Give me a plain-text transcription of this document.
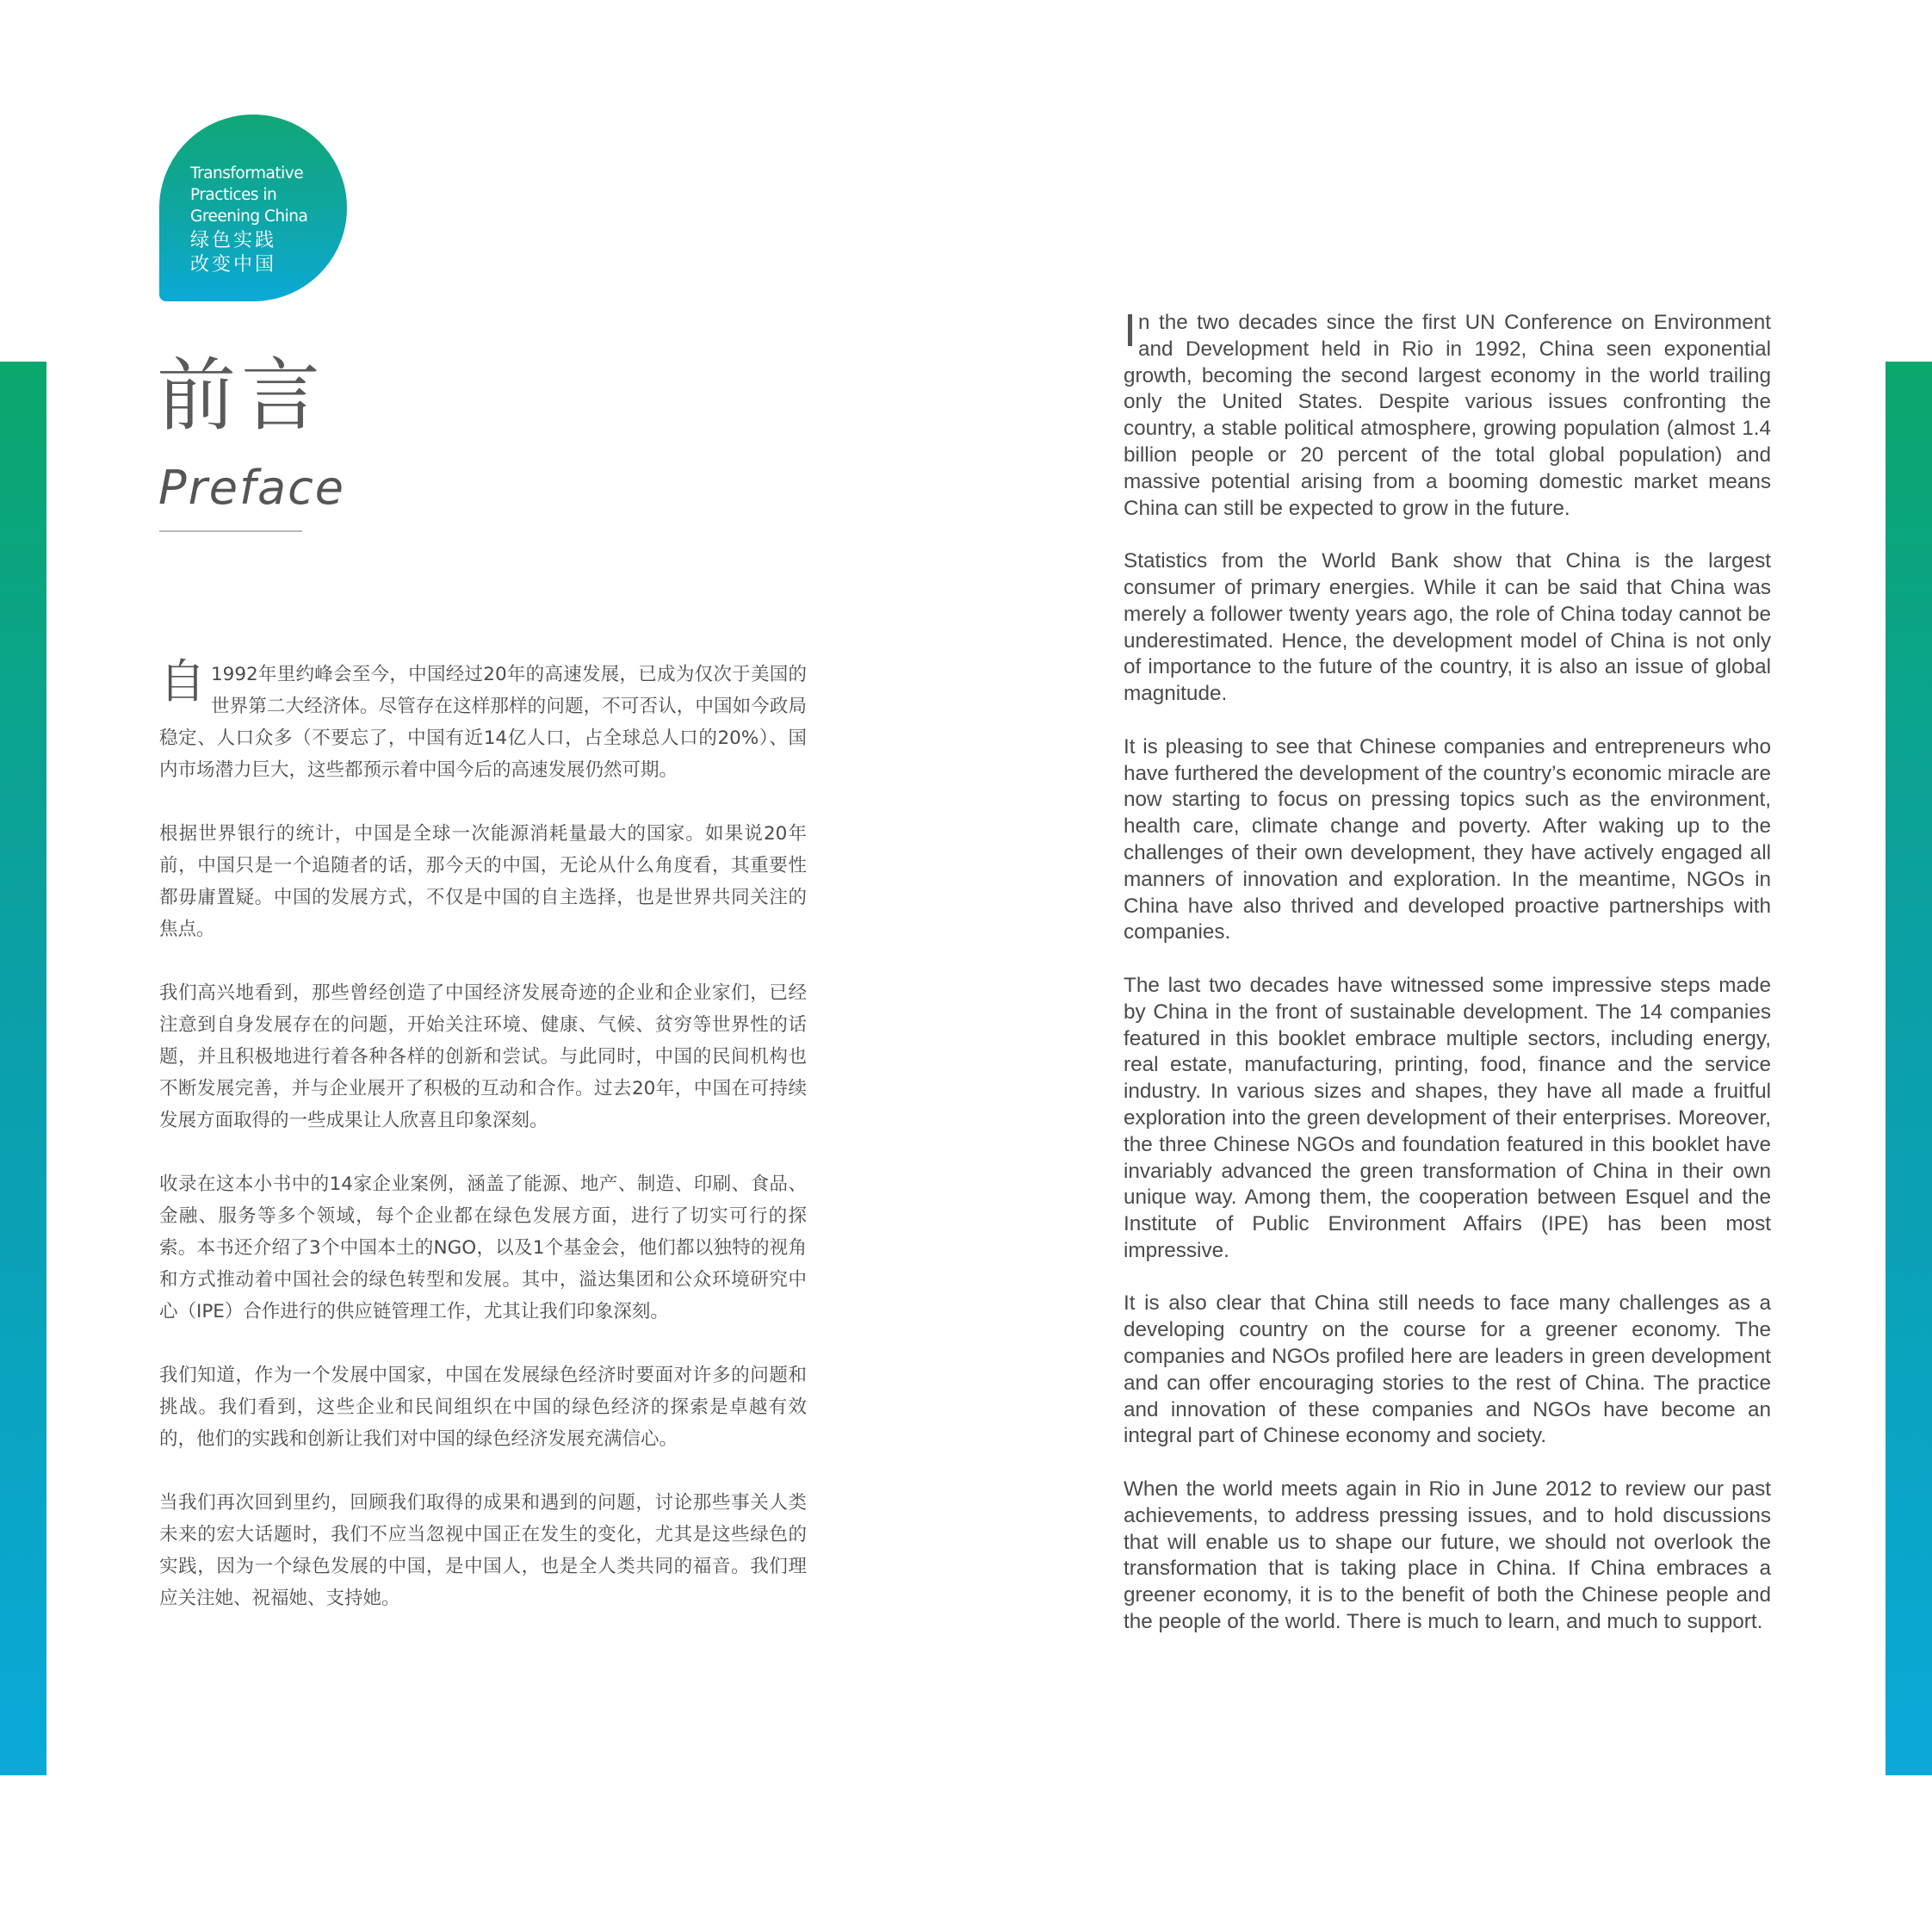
Transformative
Practices in
Greening China
绿色实践
改变中国
前言
Preface

自 1992年里约峰会至今，中国经过20年的高速发展，已成为仅次于美国的世界第二大经济体。尽管存在这样那样的问题，不可否认，中国如今政局稳定、人口众多（不要忘了，中国有近14亿人口，占全球总人口的20%）、国内市场潜力巨大，这些都预示着中国今后的高速发展仍然可期。

根据世界银行的统计，中国是全球一次能源消耗量最大的国家。如果说20年前，中国只是一个追随者的话，那今天的中国，无论从什么角度看，其重要性都毋庸置疑。中国的发展方式，不仅是中国的自主选择，也是世界共同关注的焦点。

我们高兴地看到，那些曾经创造了中国经济发展奇迹的企业和企业家们，已经注意到自身发展存在的问题，开始关注环境、健康、气候、贫穷等世界性的话题，并且积极地进行着各种各样的创新和尝试。与此同时，中国的民间机构也不断发展完善，并与企业展开了积极的互动和合作。过去20年，中国在可持续发展方面取得的一些成果让人欣喜且印象深刻。

收录在这本小书中的14家企业案例，涵盖了能源、地产、制造、印刷、食品、金融、服务等多个领域，每个企业都在绿色发展方面，进行了切实可行的探索。本书还介绍了3个中国本土的NGO，以及1个基金会，他们都以独特的视角和方式推动着中国社会的绿色转型和发展。其中，溢达集团和公众环境研究中心（IPE）合作进行的供应链管理工作，尤其让我们印象深刻。

我们知道，作为一个发展中国家，中国在发展绿色经济时要面对许多的问题和挑战。我们看到，这些企业和民间组织在中国的绿色经济的探索是卓越有效的，他们的实践和创新让我们对中国的绿色经济发展充满信心。

当我们再次回到里约，回顾我们取得的成果和遇到的问题，讨论那些事关人类未来的宏大话题时，我们不应当忽视中国正在发生的变化，尤其是这些绿色的实践，因为一个绿色发展的中国，是中国人，也是全人类共同的福音。我们理应关注她、祝福她、支持她。

In the two decades since the first UN Conference on Environment and Development held in Rio in 1992, China seen exponential growth, becoming the second largest economy in the world trailing only the United States. Despite various issues confronting the country, a stable political atmosphere, growing population (almost 1.4 billion people or 20 percent of the total global population) and massive potential arising from a booming domestic market means China can still be expected to grow in the future.

Statistics from the World Bank show that China is the largest consumer of primary energies. While it can be said that China was merely a follower twenty years ago, the role of China today cannot be underestimated. Hence, the development model of China is not only of importance to the future of the country, it is also an issue of global magnitude.

It is pleasing to see that Chinese companies and entrepreneurs who have furthered the development of the country’s economic miracle are now starting to focus on pressing topics such as the environment, health care, climate change and poverty. After waking up to the challenges of their own development, they have actively engaged all manners of innovation and exploration. In the meantime, NGOs in China have also thrived and developed proactive partnerships with companies.

The last two decades have witnessed some impressive steps made by China in the front of sustainable development. The 14 companies featured in this booklet embrace multiple sectors, including energy, real estate, manufacturing, printing, food, finance and the service industry. In various sizes and shapes, they have all made a fruitful exploration into the green development of their enterprises. Moreover, the three Chinese NGOs and foundation featured in this booklet have invariably advanced the green transformation of China in their own unique way. Among them, the cooperation between Esquel and the Institute of Public Environment Affairs (IPE) has been most impressive.

It is also clear that China still needs to face many challenges as a developing country on the course for a greener economy. The companies and NGOs profiled here are leaders in green development and can offer encouraging stories to the rest of China. The practice and innovation of these companies and NGOs have become an integral part of Chinese economy and society.

When the world meets again in Rio in June 2012 to review our past achievements, to address pressing issues, and to hold discussions that will enable us to shape our future, we should not overlook the transformation that is taking place in China. If China embraces a greener economy, it is to the benefit of both the Chinese people and the people of the world. There is much to learn, and much to support.
